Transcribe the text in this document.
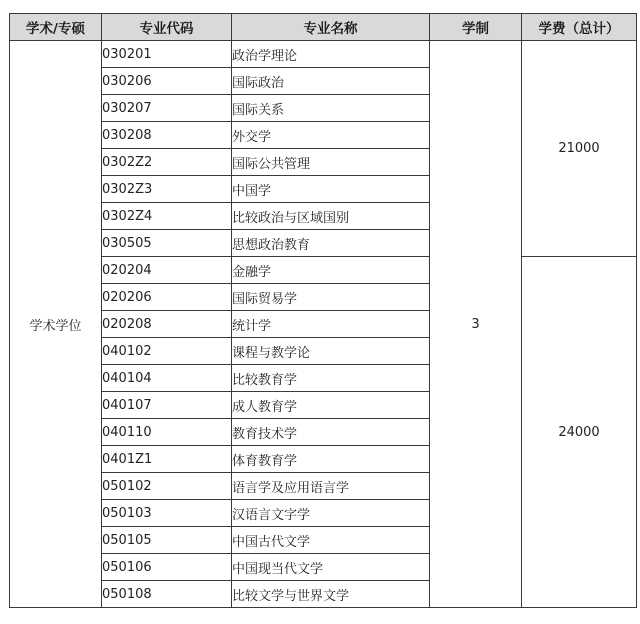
学术/专硕	专业代码	专业名称	学制	学费（总计）
学术学位	030201	政治学理论	3	21000
	030206	国际政治		
	030207	国际关系		
	030208	外交学		
	0302Z2	国际公共管理		
	0302Z3	中国学		
	0302Z4	比较政治与区域国别		
	030505	思想政治教育		
	020204	金融学		24000
	020206	国际贸易学		
	020208	统计学		
	040102	课程与教学论		
	040104	比较教育学		
	040107	成人教育学		
	040110	教育技术学		
	0401Z1	体育教育学		
	050102	语言学及应用语言学		
	050103	汉语言文字学		
	050105	中国古代文学		
	050106	中国现当代文学		
	050108	比较文学与世界文学		
